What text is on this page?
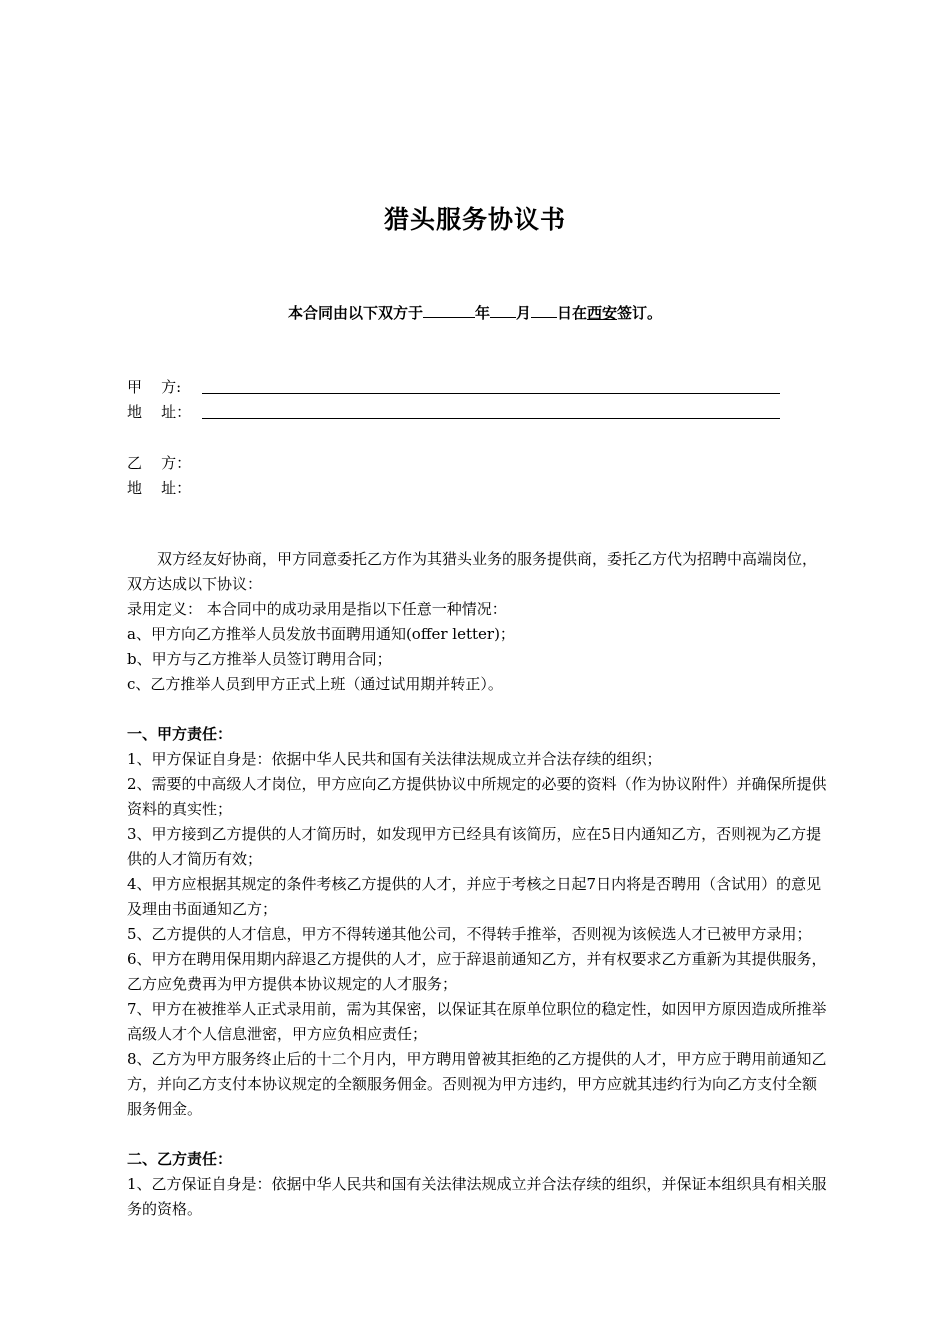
猎头服务协议书
本合同由以下双方于	年 月 日在西安签订。
甲    方:
地    址：
乙    方：
地    址：

双方经友好协商，甲方同意委托乙方作为其猎头业务的服务提供商，委托乙方代为招聘中高端岗位，双方达成以下协议：

录用定义： 本合同中的成功录用是指以下任意一种情况：

a、甲方向乙方推举人员发放书面聘用通知(offer letter)；

b、甲方与乙方推举人员签订聘用合同；

c、乙方推举人员到甲方正式上班（通过试用期并转正）。

一、甲方责任：

1、甲方保证自身是：依据中华人民共和国有关法律法规成立并合法存续的组织；

2、需要的中高级人才岗位，甲方应向乙方提供协议中所规定的必要的资料（作为协议附件）并确保所提供资料的真实性；

3、甲方接到乙方提供的人才简历时，如发现甲方已经具有该简历，应在5日内通知乙方，否则视为乙方提供的人才简历有效；

4、甲方应根据其规定的条件考核乙方提供的人才，并应于考核之日起7日内将是否聘用（含试用）的意见及理由书面通知乙方；

5、乙方提供的人才信息，甲方不得转递其他公司，不得转手推举，否则视为该候选人才已被甲方录用；

6、甲方在聘用保用期内辞退乙方提供的人才，应于辞退前通知乙方，并有权要求乙方重新为其提供服务，乙方应免费再为甲方提供本协议规定的人才服务；

7、甲方在被推举人正式录用前，需为其保密，以保证其在原单位职位的稳定性，如因甲方原因造成所推举高级人才个人信息泄密，甲方应负相应责任；

8、乙方为甲方服务终止后的十二个月内，甲方聘用曾被其拒绝的乙方提供的人才，甲方应于聘用前通知乙方，并向乙方支付本协议规定的全额服务佣金。否则视为甲方违约，甲方应就其违约行为向乙方支付全额服务佣金。

二、乙方责任：

1、乙方保证自身是：依据中华人民共和国有关法律法规成立并合法存续的组织，并保证本组织具有相关服务的资格。
